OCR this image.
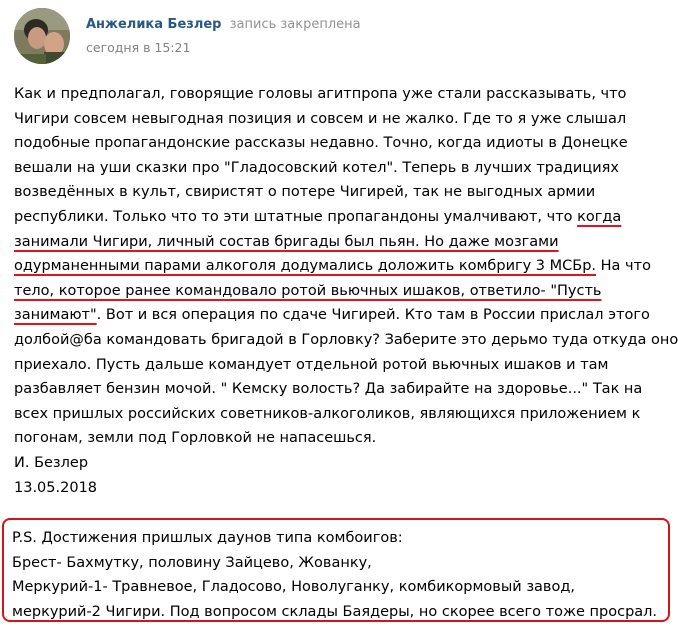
Анжелика Безлер запись закреплена
сегодня в 15:21
Как и предполагал, говорящие головы агитпропа уже стали рассказывать, что
Чигири совсем невыгодная позиция и совсем и не жалко. Где то я уже слышал
подобные пропагандонские рассказы недавно. Точно, когда идиоты в Донецке
вешали на уши сказки про "Гладосовский котел". Теперь в лучших традициях
возведённых в культ, свиристят о потере Чигирей, так не выгодных армии
республики. Только что то эти штатные пропагандоны умалчивают, что когда
занимали Чигири, личный состав бригады был пьян. Но даже мозгами
одурманенными парами алкоголя додумались доложить комбригу 3 МСБр. На что
тело, которое ранее командовало ротой вьючных ишаков, ответило- "Пусть
занимают". Вот и вся операция по сдаче Чигирей. Кто там в России прислал этого
долбой@ба командовать бригадой в Горловку? Заберите это дерьмо туда откуда оно
приехало. Пусть дальше командует отдельной ротой вьючных ишаков и там
разбавляет бензин мочой. " Кемску волость? Да забирайте на здоровье..." Так на
всех пришлых российских советников-алкоголиков, являющихся приложением к
погонам, земли под Горловкой не напасешься.
И. Безлер
13.05.2018
P.S. Достижения пришлых даунов типа комбоигов:
Брест- Бахмутку, половину Зайцево, Жованку,
Меркурий-1- Травневое, Гладосово, Новолуганку, комбикормовый завод,
меркурий-2 Чигири. Под вопросом склады Баядеры, но скорее всего тоже просрал.
